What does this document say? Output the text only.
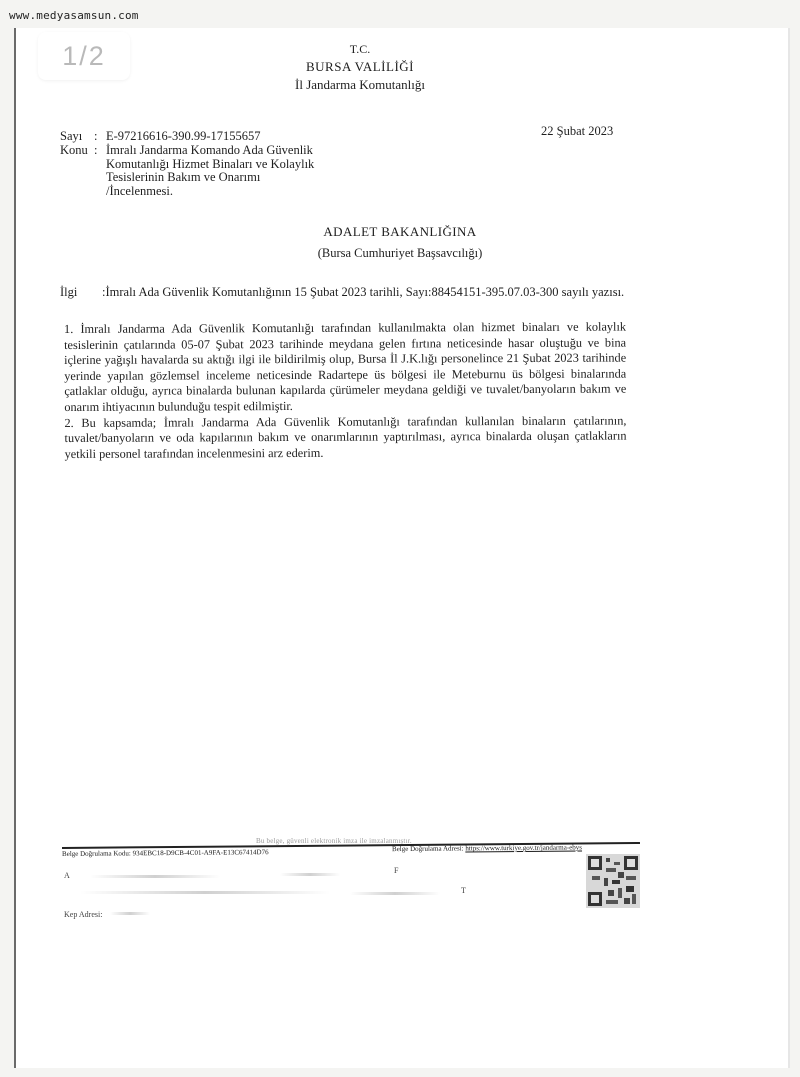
www.medyasamsun.com
1/2	T.C.
BURSA VALİLİĞİ
İl Jandarma Komutanlığı
Sayı : E-97216616-390.99-17155657	22 Şubat 2023
Konu : İmralı Jandarma Komando Ada Güvenlik
Komutanlığı Hizmet Binaları ve Kolaylık
Tesislerinin Bakım ve Onarımı
/İncelenmesi.
ADALET BAKANLIĞINA
(Bursa Cumhuriyet Başsavcılığı)
İlgi	:İmralı Ada Güvenlik Komutanlığının 15 Şubat 2023 tarihli, Sayı:88454151-395.07.03-300 sayılı yazısı.

1. İmralı Jandarma Ada Güvenlik Komutanlığı tarafından kullanılmakta olan hizmet binaları ve kolaylık tesislerinin çatılarında 05-07 Şubat 2023 tarihinde meydana gelen fırtına neticesinde hasar oluştuğu ve bina içlerine yağışlı havalarda su aktığı ilgi ile bildirilmiş olup, Bursa İl J.K.lığı personelince 21 Şubat 2023 tarihinde yerinde yapılan gözlemsel inceleme neticesinde Radartepe üs bölgesi ile Meteburnu üs bölgesi binalarında çatlaklar olduğu, ayrıca binalarda bulunan kapılarda çürümeler meydana geldiği ve tuvalet/banyoların bakım ve onarım ihtiyacının bulunduğu tespit edilmiştir.

2. Bu kapsamda; İmralı Jandarma Ada Güvenlik Komutanlığı tarafından kullanılan binaların çatılarının, tuvalet/banyoların ve oda kapılarının bakım ve onarımlarının yaptırılması, ayrıca binalarda oluşan çatlakların yetkili personel tarafından incelenmesini arz ederim.

Bu belge, güvenli elektronik imza ile imzalanmıştır.
Belge Doğrulama Kodu: 934EBC18-D9CB-4C01-A9FA-E13C67414D76	Belge Doğrulama Adresi: https://www.turkiye.gov.tr/jandarma-ebys
A
F
T
Kep Adresi:
